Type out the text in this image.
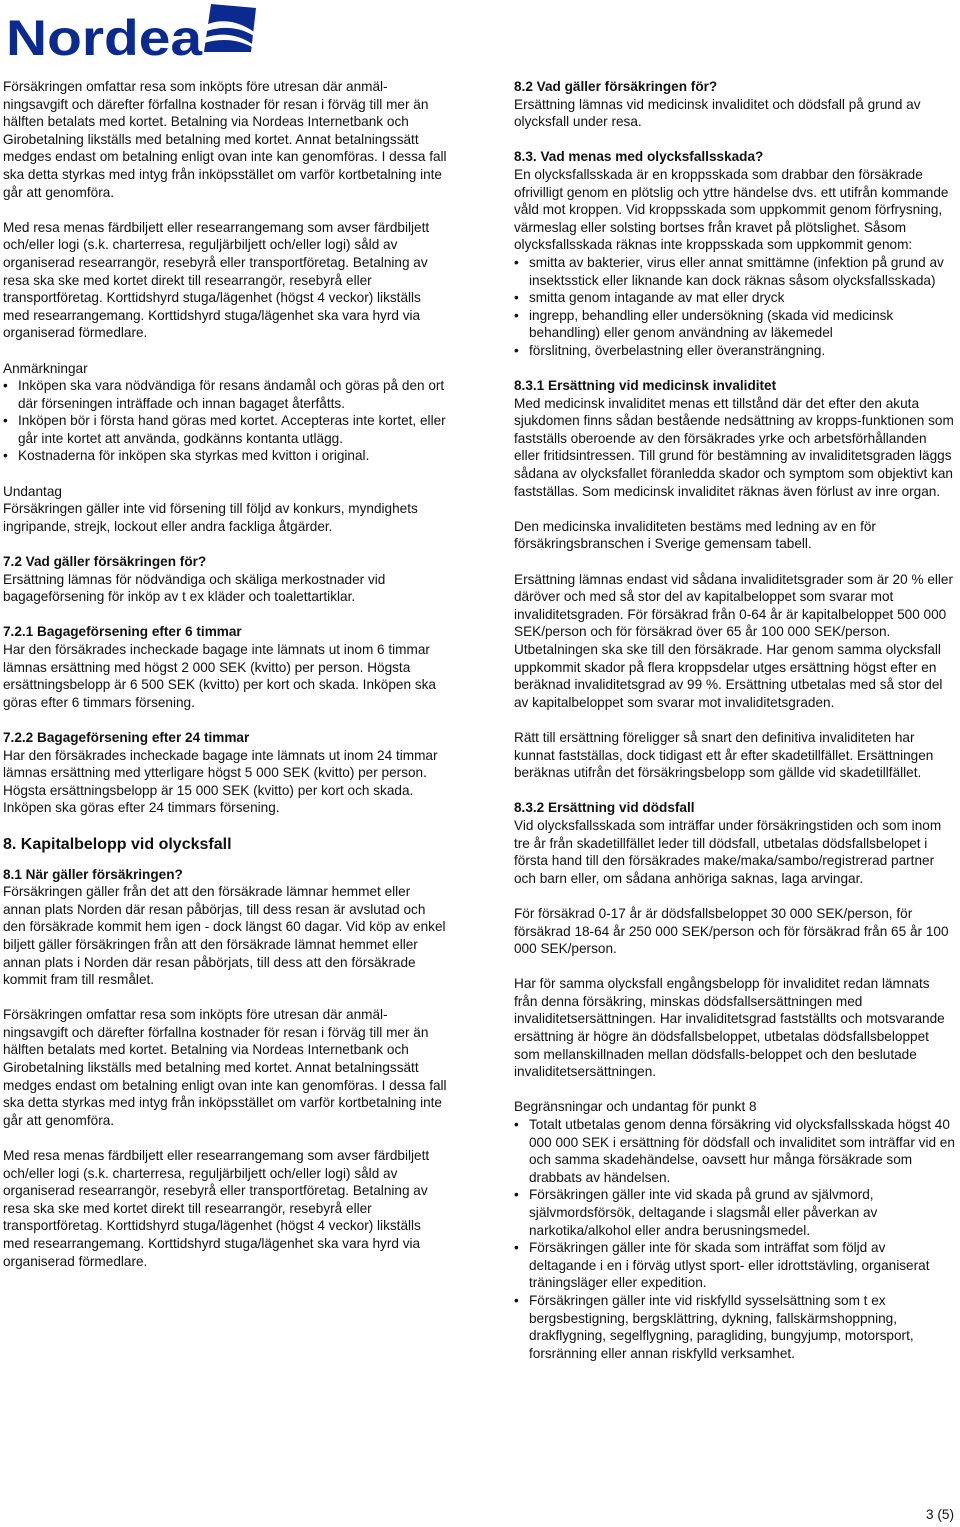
Nordea

Försäkringen omfattar resa som inköpts före utresan där anmäl-ningsavgift och därefter förfallna kostnader för resan i förväg till mer än hälften betalats med kortet. Betalning via Nordeas Internetbank och Girobetalning likställs med betalning med kortet. Annat betalningssätt medges endast om betalning enligt ovan inte kan genomföras. I dessa fall ska detta styrkas med intyg från inköpsstället om varför kortbetalning inte går att genomföra.

Med resa menas färdbiljett eller researrangemang som avser färdbiljett och/eller logi (s.k. charterresa, reguljärbiljett och/eller logi) såld av organiserad researrangör, resebyrå eller transportföretag. Betalning av resa ska ske med kortet direkt till researrangör, resebyrå eller transportföretag. Korttidshyrd stuga/lägenhet (högst 4 veckor) likställs med researrangemang. Korttidshyrd stuga/lägenhet ska vara hyrd via organiserad förmedlare.

Anmärkningar

• Inköpen ska vara nödvändiga för resans ändamål och göras på den ort där förseningen inträffade och innan bagaget återfåtts.
• Inköpen bör i första hand göras med kortet. Accepteras inte kortet, eller går inte kortet att använda, godkänns kontanta utlägg.
• Kostnaderna för inköpen ska styrkas med kvitton i original.

Undantag

Försäkringen gäller inte vid försening till följd av konkurs, myndighets ingripande, strejk, lockout eller andra fackliga åtgärder.

7.2 Vad gäller försäkringen för?

Ersättning lämnas för nödvändiga och skäliga merkostnader vid bagageförsening för inköp av t ex kläder och toalettartiklar.

7.2.1 Bagageförsening efter 6 timmar

Har den försäkrades incheckade bagage inte lämnats ut inom 6 timmar lämnas ersättning med högst 2 000 SEK (kvitto) per person. Högsta ersättningsbelopp är 6 500 SEK (kvitto) per kort och skada. Inköpen ska göras efter 6 timmars försening.

7.2.2 Bagageförsening efter 24 timmar

Har den försäkrades incheckade bagage inte lämnats ut inom 24 timmar lämnas ersättning med ytterligare högst 5 000 SEK (kvitto) per person. Högsta ersättningsbelopp är 15 000 SEK (kvitto) per kort och skada. Inköpen ska göras efter 24 timmars försening.

8. Kapitalbelopp vid olycksfall

8.1 När gäller försäkringen?

Försäkringen gäller från det att den försäkrade lämnar hemmet eller annan plats Norden där resan påbörjas, till dess resan är avslutad och den försäkrade kommit hem igen - dock längst 60 dagar. Vid köp av enkel biljett gäller försäkringen från att den försäkrade lämnat hemmet eller annan plats i Norden där resan påbörjats, till dess att den försäkrade kommit fram till resmålet.

Försäkringen omfattar resa som inköpts före utresan där anmäl-ningsavgift och därefter förfallna kostnader för resan i förväg till mer än hälften betalats med kortet. Betalning via Nordeas Internetbank och Girobetalning likställs med betalning med kortet. Annat betalningssätt medges endast om betalning enligt ovan inte kan genomföras. I dessa fall ska detta styrkas med intyg från inköpsstället om varför kortbetalning inte går att genomföra.

Med resa menas färdbiljett eller researrangemang som avser färdbiljett och/eller logi (s.k. charterresa, reguljärbiljett och/eller logi) såld av organiserad researrangör, resebyrå eller transportföretag. Betalning av resa ska ske med kortet direkt till researrangör, resebyrå eller transportföretag. Korttidshyrd stuga/lägenhet (högst 4 veckor) likställs med researrangemang. Korttidshyrd stuga/lägenhet ska vara hyrd via organiserad förmedlare.

8.2 Vad gäller försäkringen för?

Ersättning lämnas vid medicinsk invaliditet och dödsfall på grund av olycksfall under resa.

8.3. Vad menas med olycksfallsskada?

En olycksfallsskada är en kroppsskada som drabbar den försäkrade ofrivilligt genom en plötslig och yttre händelse dvs. ett utifrån kommande våld mot kroppen. Vid kroppsskada som uppkommit genom förfrysning, värmeslag eller solsting bortses från kravet på plötslighet. Såsom olycksfallsskada räknas inte kroppsskada som uppkommit genom:

• smitta av bakterier, virus eller annat smittämne (infektion på grund av insektsstick eller liknande kan dock räknas såsom olycksfallsskada)
• smitta genom intagande av mat eller dryck
• ingrepp, behandling eller undersökning (skada vid medicinsk behandling) eller genom användning av läkemedel
• förslitning, överbelastning eller överansträngning.

8.3.1 Ersättning vid medicinsk invaliditet

Med medicinsk invaliditet menas ett tillstånd där det efter den akuta sjukdomen finns sådan bestående nedsättning av kropps-funktionen som fastställs oberoende av den försäkrades yrke och arbetsförhållanden eller fritidsintressen. Till grund för bestämning av invaliditetsgraden läggs sådana av olycksfallet föranledda skador och symptom som objektivt kan fastställas. Som medicinsk invaliditet räknas även förlust av inre organ.

Den medicinska invaliditeten bestäms med ledning av en för försäkringsbranschen i Sverige gemensam tabell.

Ersättning lämnas endast vid sådana invaliditetsgrader som är 20 % eller däröver och med så stor del av kapitalbeloppet som svarar mot invaliditetsgraden. För försäkrad från 0-64 år är kapitalbeloppet 500 000 SEK/person och för försäkrad över 65 år 100 000 SEK/person. Utbetalningen ska ske till den försäkrade. Har genom samma olycksfall uppkommit skador på flera kroppsdelar utges ersättning högst efter en beräknad invaliditetsgrad av 99 %. Ersättning utbetalas med så stor del av kapitalbeloppet som svarar mot invaliditetsgraden.

Rätt till ersättning föreligger så snart den definitiva invaliditeten har kunnat fastställas, dock tidigast ett år efter skadetillfället. Ersättningen beräknas utifrån det försäkringsbelopp som gällde vid skadetillfället.

8.3.2 Ersättning vid dödsfall

Vid olycksfallsskada som inträffar under försäkringstiden och som inom tre år från skadetillfället leder till dödsfall, utbetalas dödsfallsbelopet i första hand till den försäkrades make/maka/sambo/registrerad partner och barn eller, om sådana anhöriga saknas, laga arvingar.

För försäkrad 0-17 år är dödsfallsbeloppet 30 000 SEK/person, för försäkrad 18-64 år 250 000 SEK/person och för försäkrad från 65 år 100 000 SEK/person.

Har för samma olycksfall engångsbelopp för invaliditet redan lämnats från denna försäkring, minskas dödsfallsersättningen med invaliditetsersättningen. Har invaliditetsgrad fastställts och motsvarande ersättning är högre än dödsfallsbeloppet, utbetalas dödsfallsbeloppet som mellanskillnaden mellan dödsfalls-beloppet och den beslutade invaliditetsersättningen.

Begränsningar och undantag för punkt 8

• Totalt utbetalas genom denna försäkring vid olycksfallsskada högst 40 000 000 SEK i ersättning för dödsfall och invaliditet som inträffar vid en och samma skadehändelse, oavsett hur många försäkrade som drabbats av händelsen.
• Försäkringen gäller inte vid skada på grund av självmord, självmordsförsök, deltagande i slagsmål eller påverkan av narkotika/alkohol eller andra berusningsmedel.
• Försäkringen gäller inte för skada som inträffat som följd av deltagande i en i förväg utlyst sport- eller idrottstävling, organiserat träningsläger eller expedition.
• Försäkringen gäller inte vid riskfylld sysselsättning som t ex bergsbestigning, bergsklättring, dykning, fallskärmshoppning, drakflygning, segelflygning, paragliding, bungyjump, motorsport, forsränning eller annan riskfylld verksamhet.
3 (5)
